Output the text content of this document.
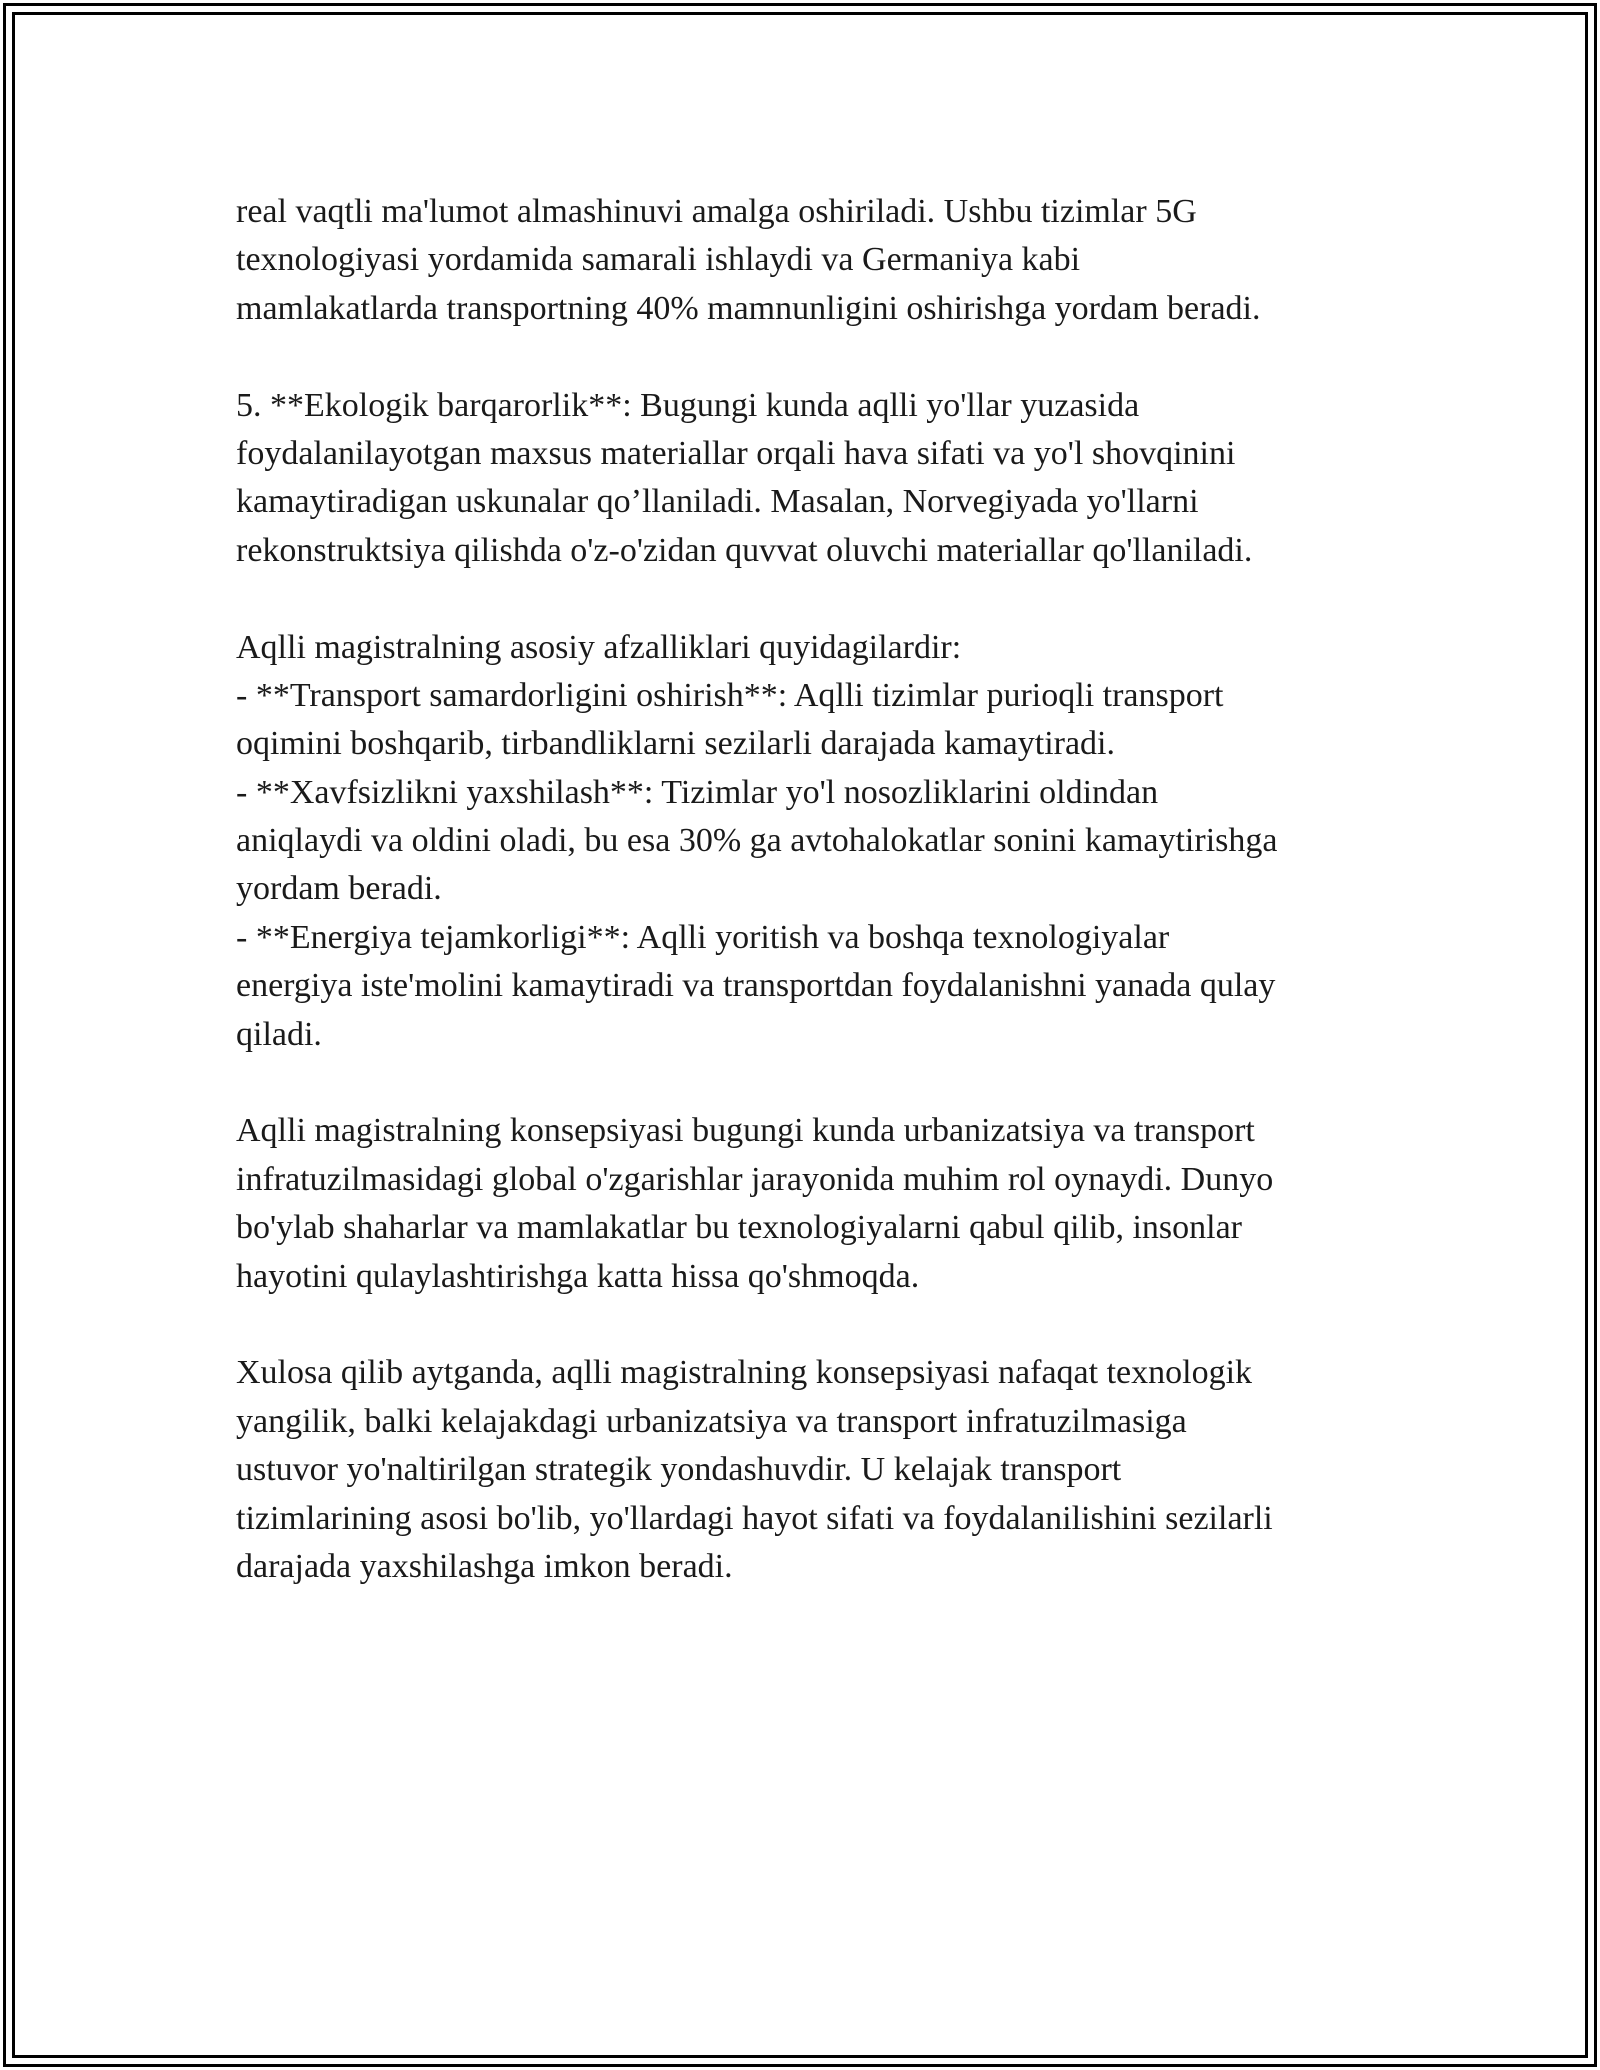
real vaqtli ma'lumot almashinuvi amalga oshiriladi. Ushbu tizimlar 5G
texnologiyasi yordamida samarali ishlaydi va Germaniya kabi
mamlakatlarda transportning 40% mamnunligini oshirishga yordam beradi.
5. **Ekologik barqarorlik**: Bugungi kunda aqlli yo'llar yuzasida
foydalanilayotgan maxsus materiallar orqali hava sifati va yo'l shovqinini
kamaytiradigan uskunalar qo’llaniladi. Masalan, Norvegiyada yo'llarni
rekonstruktsiya qilishda o'z-o'zidan quvvat oluvchi materiallar qo'llaniladi.
Aqlli magistralning asosiy afzalliklari quyidagilardir:
- **Transport samardorligini oshirish**: Aqlli tizimlar purioqli transport
oqimini boshqarib, tirbandliklarni sezilarli darajada kamaytiradi.
- **Xavfsizlikni yaxshilash**: Tizimlar yo'l nosozliklarini oldindan
aniqlaydi va oldini oladi, bu esa 30% ga avtohalokatlar sonini kamaytirishga
yordam beradi.
- **Energiya tejamkorligi**: Aqlli yoritish va boshqa texnologiyalar
energiya iste'molini kamaytiradi va transportdan foydalanishni yanada qulay
qiladi.
Aqlli magistralning konsepsiyasi bugungi kunda urbanizatsiya va transport
infratuzilmasidagi global o'zgarishlar jarayonida muhim rol oynaydi. Dunyo
bo'ylab shaharlar va mamlakatlar bu texnologiyalarni qabul qilib, insonlar
hayotini qulaylashtirishga katta hissa qo'shmoqda.
Xulosa qilib aytganda, aqlli magistralning konsepsiyasi nafaqat texnologik
yangilik, balki kelajakdagi urbanizatsiya va transport infratuzilmasiga
ustuvor yo'naltirilgan strategik yondashuvdir. U kelajak transport
tizimlarining asosi bo'lib, yo'llardagi hayot sifati va foydalanilishini sezilarli
darajada yaxshilashga imkon beradi.
